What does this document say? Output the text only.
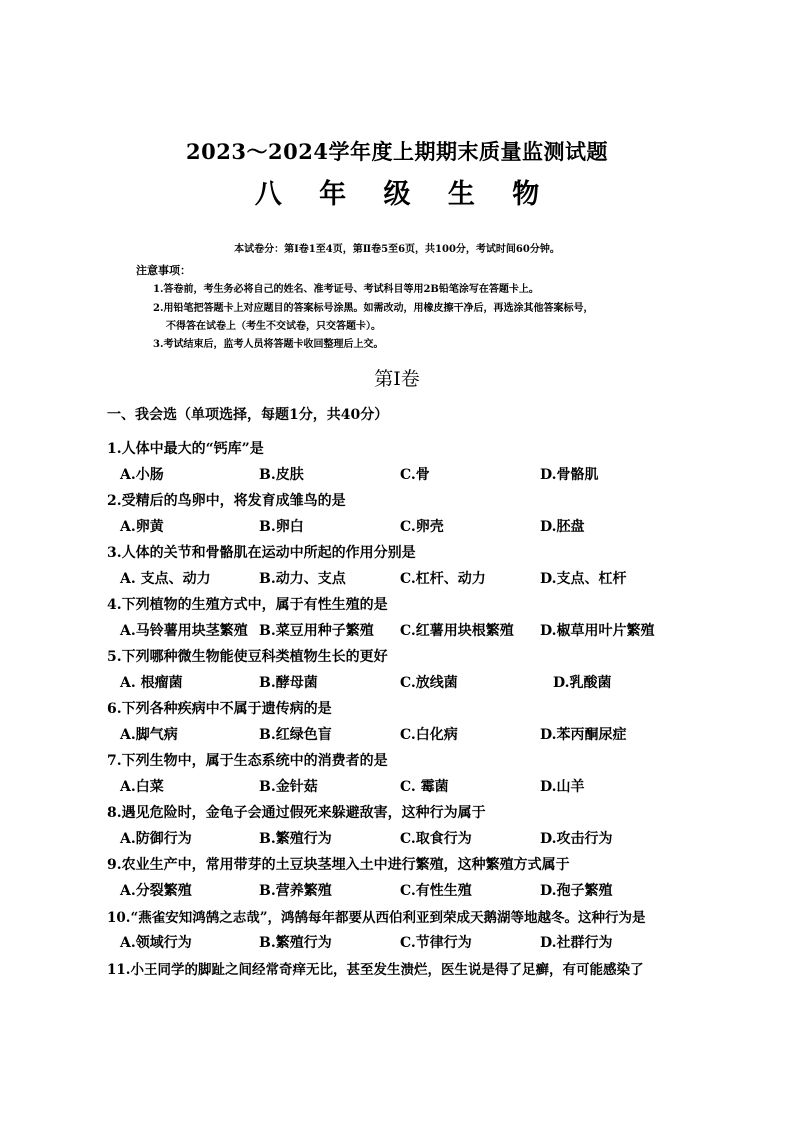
2023～2024学年度上期期末质量监测试题
八 年 级 生 物
本试卷分：第Ⅰ卷1至4页，第Ⅱ卷5至6页，共100分，考试时间60分钟。
注意事项：
1.答卷前，考生务必将自己的姓名、准考证号、考试科目等用2B铅笔涂写在答题卡上。
2.用铅笔把答题卡上对应题目的答案标号涂黑。如需改动，用橡皮擦干净后，再选涂其他答案标号，
不得答在试卷上（考生不交试卷，只交答题卡）。
3.考试结束后，监考人员将答题卡收回整理后上交。
第Ⅰ卷
一、我会选（单项选择，每题1分，共40分）
1.人体中最大的“钙库”是
A.小肠	B.皮肤	C.骨	D.骨骼肌
2.受精后的鸟卵中，将发育成雏鸟的是
A.卵黄	B.卵白	C.卵壳	D.胚盘
3.人体的关节和骨骼肌在运动中所起的作用分别是
A. 支点、动力	B.动力、支点	C.杠杆、动力	D.支点、杠杆
4.下列植物的生殖方式中，属于有性生殖的是
A.马铃薯用块茎繁殖 B.菜豆用种子繁殖 C.红薯用块根繁殖 D.椒草用叶片繁殖
5.下列哪种微生物能使豆科类植物生长的更好
A. 根瘤菌	B.酵母菌	C.放线菌	D.乳酸菌
6.下列各种疾病中不属于遗传病的是
A.脚气病	B.红绿色盲	C.白化病	D.苯丙酮尿症
7.下列生物中，属于生态系统中的消费者的是
A.白菜	B.金针菇	C. 霉菌	D.山羊
8.遇见危险时，金龟子会通过假死来躲避敌害，这种行为属于
A.防御行为	B.繁殖行为	C.取食行为	D.攻击行为
9.农业生产中，常用带芽的土豆块茎埋入土中进行繁殖，这种繁殖方式属于
A.分裂繁殖	B.营养繁殖	C.有性生殖	D.孢子繁殖
10.“燕雀安知鸿鹄之志哉”，鸿鹄每年都要从西伯利亚到荣成天鹅湖等地越冬。这种行为是
A.领域行为	B.繁殖行为	C.节律行为	D.社群行为
11.小王同学的脚趾之间经常奇痒无比，甚至发生溃烂，医生说是得了足癣，有可能感染了
